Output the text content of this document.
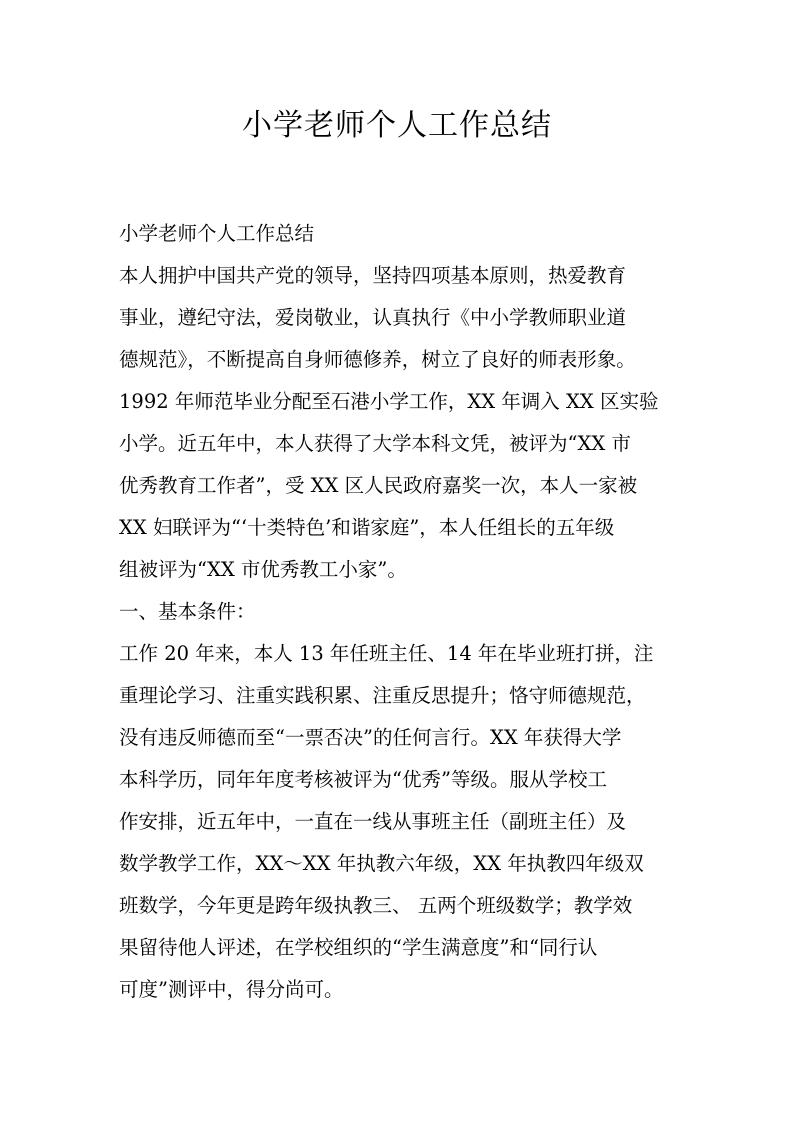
小学老师个人工作总结
小学老师个人工作总结
本人拥护中国共产党的领导，坚持四项基本原则，热爱教育
事业，遵纪守法，爱岗敬业，认真执行《中小学教师职业道
德规范》，不断提高自身师德修养，树立了良好的师表形象。
1992 年师范毕业分配至石港小学工作，XX 年调入 XX 区实验
小学。近五年中，本人获得了大学本科文凭，被评为“XX 市
优秀教育工作者”，受 XX 区人民政府嘉奖一次，本人一家被
XX 妇联评为“‘十类特色’和谐家庭”，本人任组长的五年级
组被评为“XX 市优秀教工小家”。
一、基本条件：
工作 20 年来，本人 13 年任班主任、14 年在毕业班打拼，注
重理论学习、注重实践积累、注重反思提升；恪守师德规范，
没有违反师德而至“一票否决”的任何言行。XX 年获得大学
本科学历，同年年度考核被评为“优秀”等级。服从学校工
作安排，近五年中，一直在一线从事班主任（副班主任）及
数学教学工作，XX～XX 年执教六年级，XX 年执教四年级双
班数学，今年更是跨年级执教三、 五两个班级数学；教学效
果留待他人评述，在学校组织的“学生满意度”和“同行认
可度”测评中，得分尚可。
